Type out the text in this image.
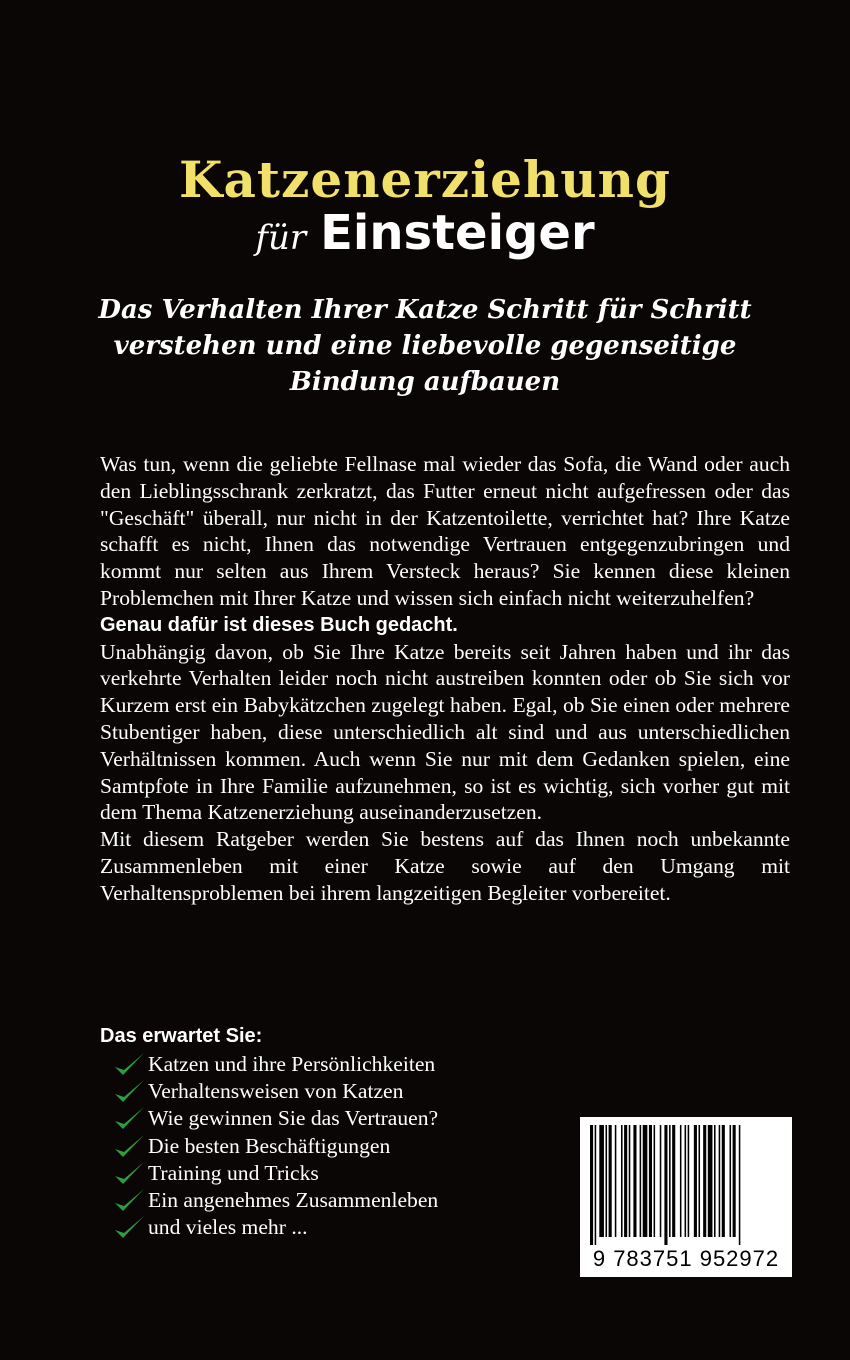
Katzenerziehung
für Einsteiger

Das Verhalten Ihrer Katze Schritt für Schritt verstehen und eine liebevolle gegenseitige Bindung aufbauen

Was tun, wenn die geliebte Fellnase mal wieder das Sofa, die Wand oder auch den Lieblingsschrank zerkratzt, das Futter erneut nicht aufgefressen oder das "Geschäft" überall, nur nicht in der Katzentoilette, verrichtet hat? Ihre Katze schafft es nicht, Ihnen das notwendige Vertrauen entgegenzubringen und kommt nur selten aus Ihrem Versteck heraus? Sie kennen diese kleinen Problemchen mit Ihrer Katze und wissen sich einfach nicht weiterzuhelfen?

Genau dafür ist dieses Buch gedacht.

Unabhängig davon, ob Sie Ihre Katze bereits seit Jahren haben und ihr das verkehrte Verhalten leider noch nicht austreiben konnten oder ob Sie sich vor Kurzem erst ein Babykätzchen zugelegt haben. Egal, ob Sie einen oder mehrere Stubentiger haben, diese unterschiedlich alt sind und aus unterschiedlichen Verhältnissen kommen. Auch wenn Sie nur mit dem Gedanken spielen, eine Samtpfote in Ihre Familie aufzunehmen, so ist es wichtig, sich vorher gut mit dem Thema Katzenerziehung auseinanderzusetzen.

Mit diesem Ratgeber werden Sie bestens auf das Ihnen noch unbekannte Zusammenleben mit einer Katze sowie auf den Umgang mit Verhaltensproblemen bei ihrem langzeitigen Begleiter vorbereitet.

Das erwartet Sie:

Katzen und ihre Persönlichkeiten
Verhaltensweisen von Katzen
Wie gewinnen Sie das Vertrauen?
Die besten Beschäftigungen
Training und Tricks
Ein angenehmes Zusammenleben
und vieles mehr ...
9 783751 952972
